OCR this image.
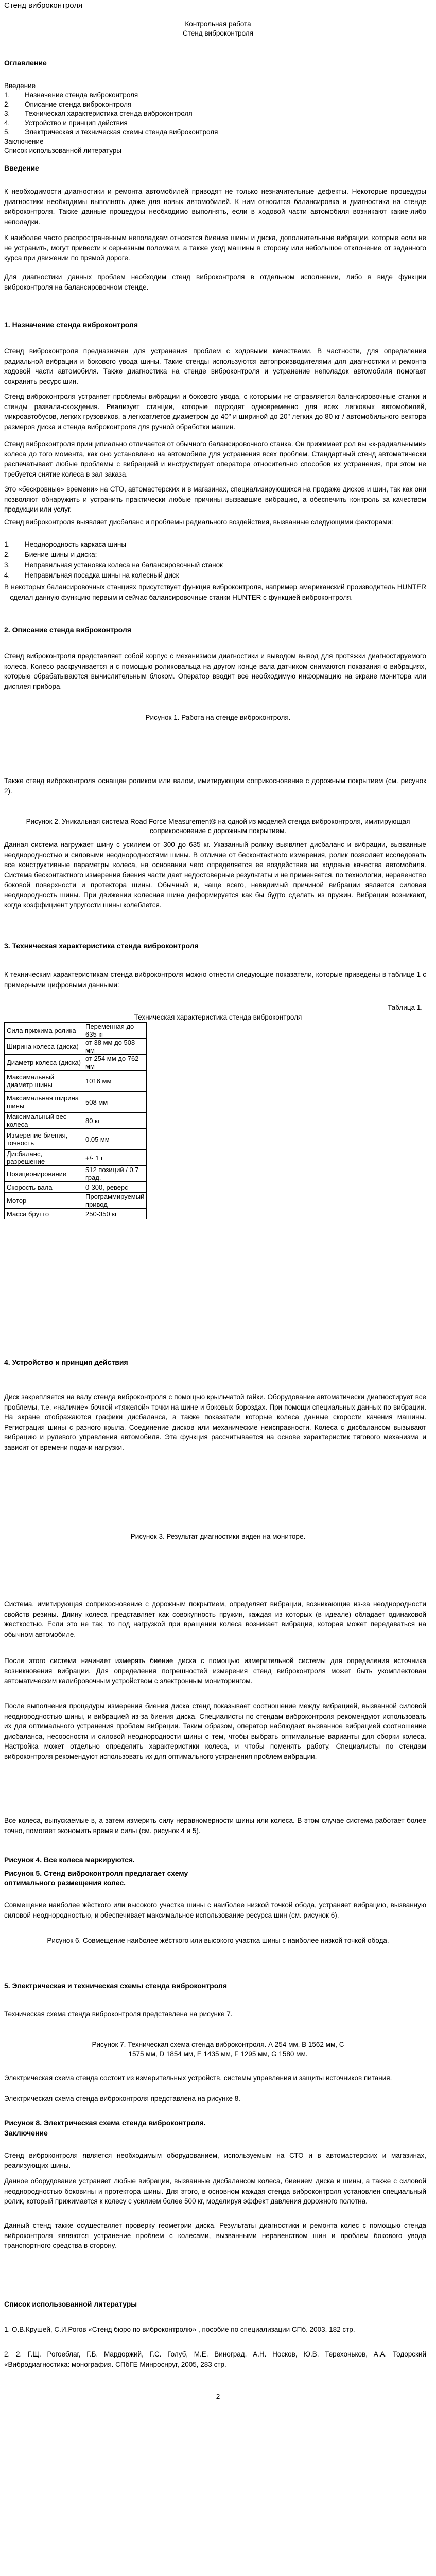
Стенд виброконтроля
Контрольная работа
Стенд виброконтроля
Оглавление
Введение
1. Назначение стенда виброконтроля
2. Описание стенда виброконтроля
3. Техническая характеристика стенда виброконтроля
4. Устройство и принцип действия
5. Электрическая и техническая схемы стенда виброконтроля
Заключение
Список использованной литературы
Введение
К необходимости диагностики и ремонта автомобилей приводят не только незначительные дефекты. Некоторые процедуры диагностики необходимы выполнять даже для новых автомобилей. К ним относится балансировка и диагностика на стенде виброконтроля. Также данные процедуры необходимо выполнять, если в ходовой части автомобиля возникают какие-либо неполадки.
К наиболее часто распространенным неполадкам относятся биение шины и диска, дополнительные вибрации, которые если не не устранить, могут привести к серьезным поломкам, а также уход машины в сторону или небольшое отклонение от заданного курса при движении по прямой дороге.
Для диагностики данных проблем необходим стенд виброконтроля в отдельном исполнении, либо в виде функции виброконтроля на балансировочном стенде.
1. Назначение стенда виброконтроля
Стенд виброконтроля предназначен для устранения проблем с ходовыми качествами. В частности, для определения радиальной вибрации и бокового увода шины. Такие стенды используются автопроизводителями для диагностики и ремонта ходовой части автомобиля. Также диагностика на стенде виброконтроля и устранение неполадок автомобиля помогает сохранить ресурс шин.
Стенд виброконтроля устраняет проблемы вибрации и бокового увода, с которыми не справляется балансировочные станки и стенды развала-схождения. Реализует станции, которые подходят одновременно для всех легковых автомобилей, микроавтобусов, легких грузовиков, а легкоатлетов диаметром до 40" и шириной до 20" легких до 80 кг / автомобильного вектора размеров диска и стенда виброконтроля для ручной обработки машин.
Стенд виброконтроля принципиально отличается от обычного балансировочного станка. Он прижимает рол вы «к-радиальными» колеса до того момента, как оно установлено на автомобиле для устранения всех проблем. Стандартный стенд автоматически распечатывает любые проблемы с вибрацией и инструктирует оператора относительно способов их устранения, при этом не требуется снятие колеса в зал заказа.
Это «бескровные» времени» на СТО, автомастерских и в магазинах, специализирующихся на продаже дисков и шин, так как они позволяют обнаружить и устранить практически любые причины вызвавшие вибрацию, а обеспечить контроль за качеством продукции или услуг.
Стенд виброконтроля выявляет дисбаланс и проблемы радиального воздействия, вызванные следующими факторами:
1. Неоднородность каркаса шины
2. Биение шины и диска;
3. Неправильная установка колеса на балансировочный станок
4. Неправильная посадка шины на колесный диск
В некоторых балансировочных станциях присутствует функция виброконтроля, например американский производитель HUNTER – сделал данную функцию первым и сейчас балансировочные станки HUNTER с функцией виброконтроля.
2. Описание стенда виброконтроля
Стенд виброконтроля представляет собой корпус с механизмом диагностики и выводом вывод для протяжки диагностируемого колеса. Колесо раскручивается и с помощью роликовальца на другом конце вала датчиком снимаются показания о вибрациях, которые обрабатываются вычислительным блоком. Оператор вводит все необходимую информацию на экране монитора или дисплея прибора.
Рисунок 1. Работа на стенде виброконтроля.
Также стенд виброконтроля оснащен роликом или валом, имитирующим соприкосновение с дорожным покрытием (см. рисунок 2).
Рисунок 2. Уникальная система Road Force Measurement® на одной из моделей стенда виброконтроля, имитирующая соприкосновение с дорожным покрытием.
Данная система нагружает шину с усилием от 300 до 635 кг. Указанный ролику выявляет дисбаланс и вибрации, вызванные неоднородностью и силовыми неоднородностями шины. В отличие от бесконтактного измерения, ролик позволяет исследовать все конструктивные параметры колеса, на основании чего определяется ее воздействие на ходовые качества автомобиля. Система бесконтактного измерения биения части дает недостоверные результаты и не применяется, по технологии, неравенство боковой поверхности и протектора шины. Обычный и, чаще всего, невидимый причиной вибрации является силовая неоднородность шины. При движении колесная шина деформируется как бы будто сделать из пружин. Вибрации возникают, когда коэффициент упругости шины колеблется.
3. Техническая характеристика стенда виброконтроля
К техническим характеристикам стенда виброконтроля можно отнести следующие показатели, которые приведены в таблице 1 с примерными цифровыми данными:
Таблица 1.
Техническая характеристика стенда виброконтроля
Сила прижима ролика	Переменная до 635 кг
Ширина колеса (диска)	от 38 мм до 508 мм
Диаметр колеса (диска)	от 254 мм до 762 мм
Максимальный диаметр шины	1016 мм
Максимальная ширина шины	508 мм
Максимальный вес колеса	80 кг
Измерение биения, точность	0.05 мм
Дисбаланс, разрешение	+/- 1 г
Позиционирование	512 позиций / 0.7 град.
Скорость вала	0-300, реверс
Мотор	Программируемый привод
Масса брутто	250-350 кг
4. Устройство и принцип действия
Диск закрепляется на валу стенда виброконтроля с помощью крыльчатой гайки. Оборудование автоматически диагностирует все проблемы, т.е. «наличие» бочкой «тяжелой» точки на шине и боковых бороздах. При помощи специальных данных по вибрации. На экране отображаются графики дисбаланса, а также показатели которые колеса данные скорости качения машины. Регистрация шины с разного крыла. Соединение дисков или механические неисправности. Колеса с дисбалансом вызывают вибрацию и рулевого управления автомобиля. Эта функция рассчитывается на основе характеристик тягового механизма и зависит от времени подачи нагрузки.
Рисунок 3. Результат диагностики виден на мониторе.
Система, имитирующая соприкосновение с дорожным покрытием, определяет вибрации, возникающие из-за неоднородности свойств резины. Длину колеса представляет как совокупность пружин, каждая из которых (в идеале) обладает одинаковой жесткостью. Если это не так, то под нагрузкой при вращении колеса возникает вибрация, которая может передаваться на обычном автомобиле.
После этого система начинает измерять биение диска с помощью измерительной системы для определения источника возникновения вибрации. Для определения погрешностей измерения стенд виброконтроля может быть укомплектован автоматическим калибровочным устройством с электронным мониторингом.
После выполнения процедуры измерения биения диска стенд показывает соотношение между вибрацией, вызванной силовой неоднородностью шины, и вибрацией из-за биения диска. Специалисты по стендам виброконтроля рекомендуют использовать их для оптимального устранения проблем вибрации. Таким образом, оператор наблюдает вызванное вибрацией соотношение дисбаланса, несоосности и силовой неоднородности шины с тем, чтобы выбрать оптимальные варианты для сборки колеса. Настройка может отдельно определить характеристики колеса, и чтобы поменять работу. Специалисты по стендам виброконтроля рекомендуют использовать их для оптимального устранения проблем вибрации.
Все колеса, выпускаемые в, а затем измерить силу неравномерности шины или колеса. В этом случае система работает более точно, помогает экономить время и силы (см. рисунок 4 и 5).
Рисунок 4. Все колеса маркируются.
Рисунок 5. Стенд виброконтроля предлагает схему
оптимального размещения колес.
Совмещение наиболее жёсткого или высокого участка шины с наиболее низкой точкой обода, устраняет вибрацию, вызванную силовой неоднородностью, и обеспечивает максимальное использование ресурса шин (см. рисунок 6).
Рисунок 6. Совмещение наиболее жёсткого или высокого участка шины с наиболее низкой точкой обода.
5. Электрическая и техническая схемы стенда виброконтроля
Техническая схема стенда виброконтроля представлена на рисунке 7.
Рисунок 7. Техническая схема стенда виброконтроля. А 254 мм, В 1562 мм, С
1575 мм, D 1854 мм, Е 1435 мм, F 1295 мм, G 1580 мм.
Электрическая схема стенда состоит из измерительных устройств, системы управления и защиты источников питания.
Электрическая схема стенда виброконтроля представлена на рисунке 8.
Рисунок 8. Электрическая схема стенда виброконтроля.
Заключение
Стенд виброконтроля является необходимым оборудованием, используемым на СТО и в автомастерских и магазинах, реализующих шины.
Данное оборудование устраняет любые вибрации, вызванные дисбалансом колеса, биением диска и шины, а также с силовой неоднородностью боковины и протектора шины. Для этого, в основном каждая стенда виброконтроля установлен специальный ролик, который прижимается к колесу с усилием более 500 кг, моделируя эффект давления дорожного полотна.
Данный стенд также осуществляет проверку геометрии диска. Результаты диагностики и ремонта колес с помощью стенда виброконтроля являются устранение проблем с колесами, вызванными неравенством шин и проблем бокового увода транспортного средства в сторону.
Список использованной литературы
1. О.В.Крушей, С.И.Рогов «Стенд бюро по виброконтролю» , пособие по специализации СПб. 2003, 182 стр.
2. 2. Г.Щ. Рогоеблаг, Г.Б. Мардоржий, Г.С. Голуб, М.Е. Виноград, А.Н. Носков, Ю.В. Терехоньков, А.А. Тодорский «Вибродиагностика: монография. СПбГЕ Минроснруг, 2005, 283 стр.
2
